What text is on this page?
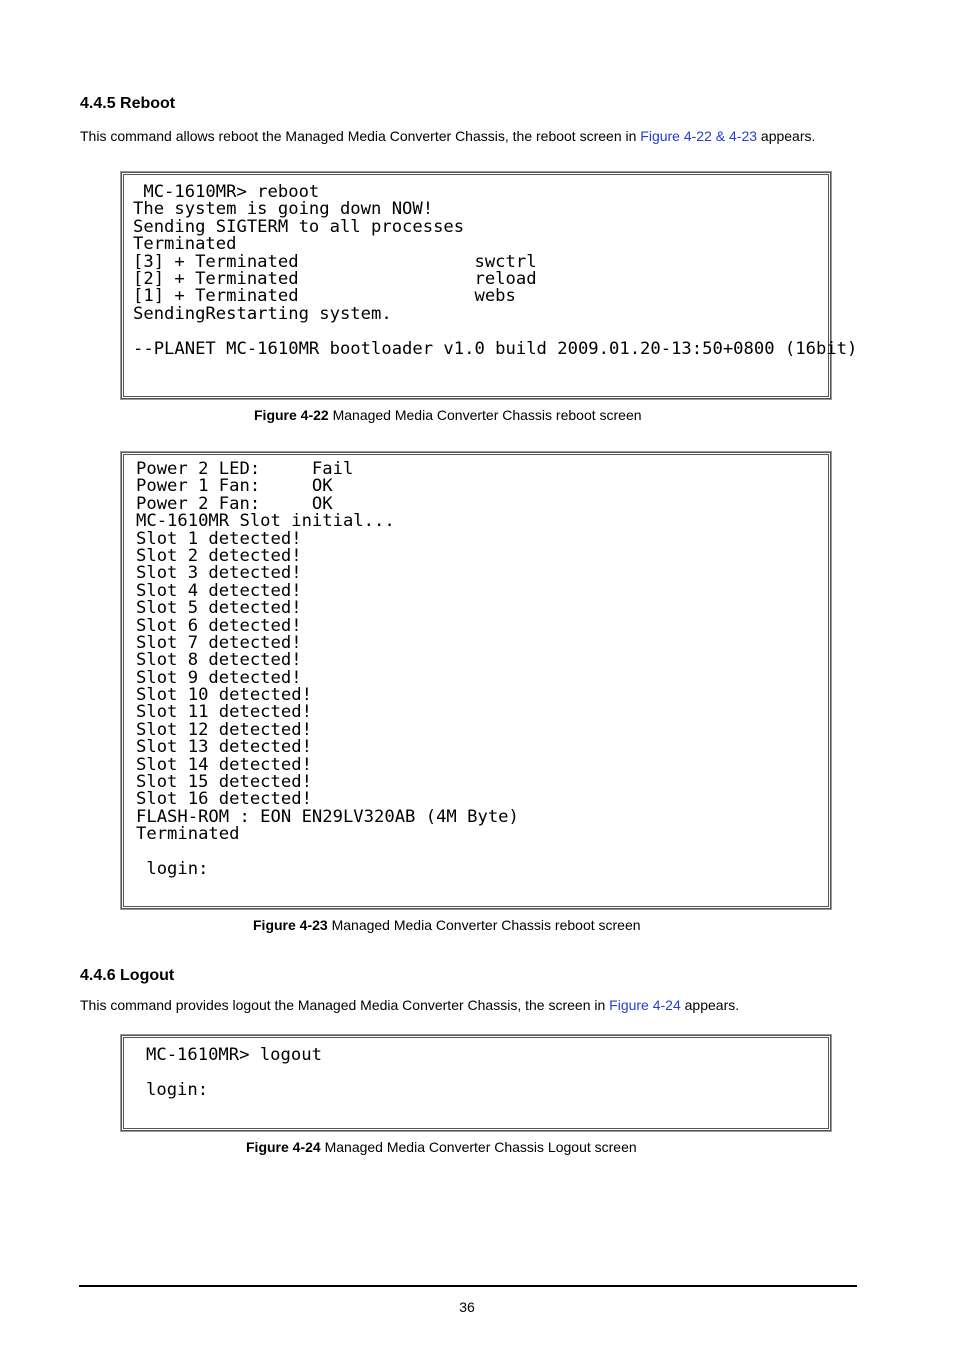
4.4.5 Reboot

This command allows reboot the Managed Media Converter Chassis, the reboot screen in Figure 4-22 & 4-23 appears.

MC-1610MR> reboot
The system is going down NOW!
Sending SIGTERM to all processes
Terminated
[3] + Terminated                 swctrl
[2] + Terminated                 reload
[1] + Terminated                 webs
SendingRestarting system.
--PLANET MC-1610MR bootloader v1.0 build 2009.01.20-13:50+0800 (16bit)

Figure 4-22 Managed Media Converter Chassis reboot screen

Power 2 LED:     Fail
Power 1 Fan:     OK
Power 2 Fan:     OK
MC-1610MR Slot initial...
Slot 1 detected!
Slot 2 detected!
Slot 3 detected!
Slot 4 detected!
Slot 5 detected!
Slot 6 detected!
Slot 7 detected!
Slot 8 detected!
Slot 9 detected!
Slot 10 detected!
Slot 11 detected!
Slot 12 detected!
Slot 13 detected!
Slot 14 detected!
Slot 15 detected!
Slot 16 detected!
FLASH-ROM : EON EN29LV320AB (4M Byte)
Terminated
login:

Figure 4-23 Managed Media Converter Chassis reboot screen

4.4.6 Logout

This command provides logout the Managed Media Converter Chassis, the screen in Figure 4-24 appears.

MC-1610MR> logout
login:

Figure 4-24 Managed Media Converter Chassis Logout screen

36
